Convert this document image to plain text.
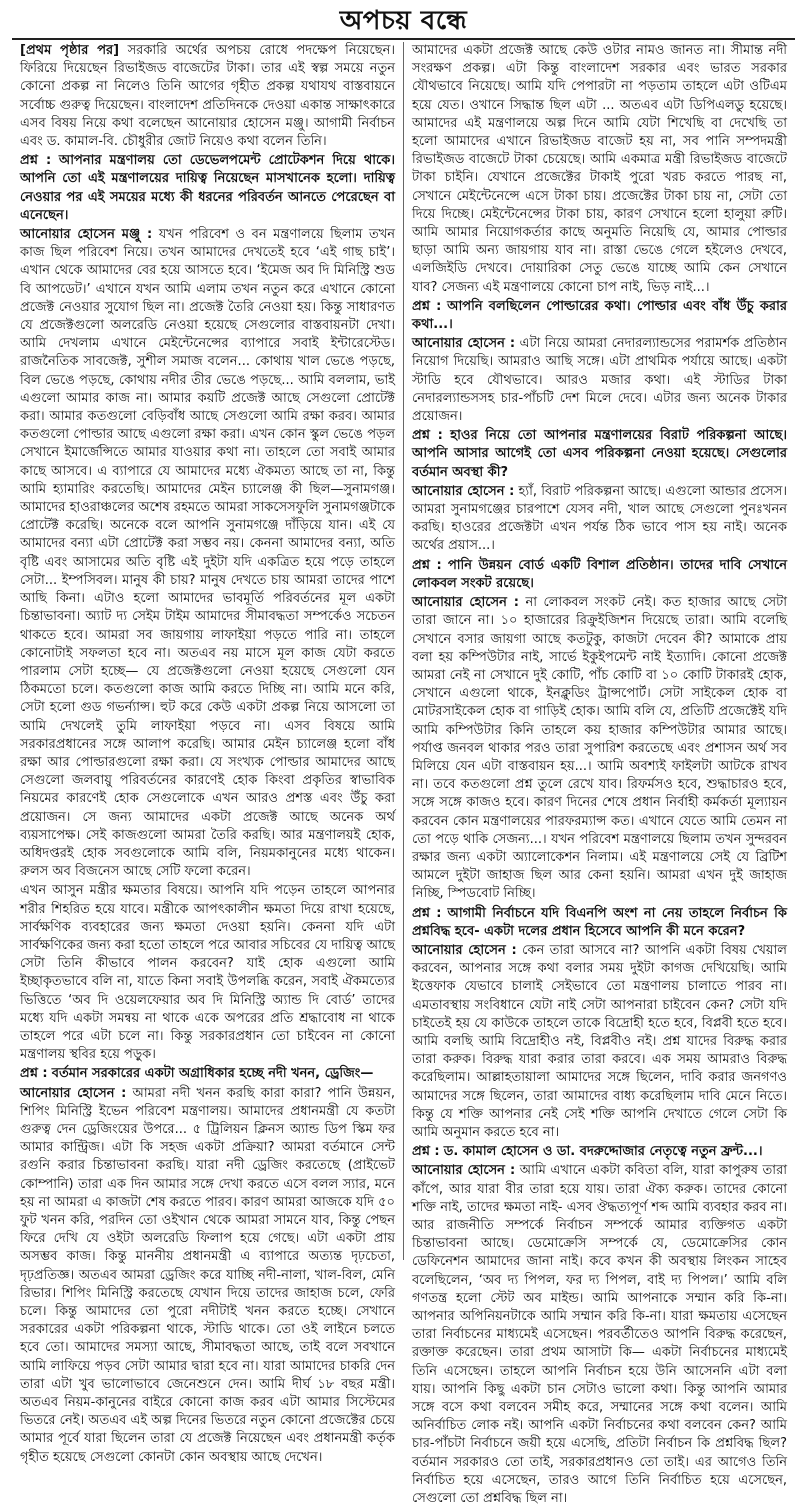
অপচয় বন্ধে

[প্রথম পৃষ্ঠার পর] সরকারি অর্থের অপচয় রোধে পদক্ষেপ নিয়েছেন। ফিরিয়ে দিয়েছেন রিভাইজড বাজেটের টাকা। তার এই স্বল্প সময়ে নতুন কোনো প্রকল্প না নিলেও তিনি আগের গৃহীত প্রকল্প যথাযথ বাস্তবায়নে সর্বোচ্চ গুরুত্ব দিয়েছেন। বাংলাদেশ প্রতিদিনকে দেওয়া একান্ত সাক্ষাৎকারে এসব বিষয় নিয়ে কথা বলেছেন আনোয়ার হোসেন মঞ্জু। আগামী নির্বাচন এবং ড. কামাল-বি. চৌধুরীর জোট নিয়েও কথা বলেন তিনি।

প্রশ্ন : আপনার মন্ত্রণালয় তো ডেভেলপমেন্ট প্রোটেকশন দিয়ে থাকে। আপনি তো এই মন্ত্রণালয়ের দায়িত্ব নিয়েছেন মাসখানেক হলো। দায়িত্ব নেওয়ার পর এই সময়ের মধ্যে কী ধরনের পরিবর্তন আনতে পেরেছেন বা এনেছেন।

আনোয়ার হোসেন মঞ্জু : যখন পরিবেশ ও বন মন্ত্রণালয়ে ছিলাম তখন কাজ ছিল পরিবেশ নিয়ে। তখন আমাদের দেখতেই হবে ‘এই গাছ চাই’। এখান থেকে আমাদের বের হয়ে আসতে হবে। ‘ইমেজ অব দি মিনিস্ট্রি শুড বি আপডেট।’ এখানে যখন আমি এলাম তখন নতুন করে এখানে কোনো প্রজেক্ট নেওয়ার সুযোগ ছিল না। প্রজেক্ট তৈরি নেওয়া হয়। কিন্তু সাধারণত যে প্রজেক্টগুলো অলরেডি নেওয়া হয়েছে সেগুলোর বাস্তবায়নটা দেখা। আমি দেখলাম এখানে মেইন্টেনেন্সের ব্যাপারে সবাই ইন্টারেস্টেড। রাজনৈতিক সাবজেক্ট, সুশীল সমাজ বলেন... কোথায় খাল ভেঙে পড়ছে, বিল ভেঙে পড়ছে, কোথায় নদীর তীর ভেঙে পড়ছে... আমি বললাম, ভাই এগুলো আমার কাজ না। আমার কয়টি প্রজেক্ট আছে সেগুলো প্রোটেক্ট করা। আমার কতগুলো বেড়িবাঁধ আছে সেগুলো আমি রক্ষা করব। আমার কতগুলো পোল্ডার আছে এগুলো রক্ষা করা। এখন কোন স্কুল ভেঙে পড়ল সেখানে ইমার্জেন্সিতে আমার যাওয়ার কথা না। তাহলে তো সবাই আমার কাছে আসবে। এ ব্যাপারে যে আমাদের মধ্যে ঐকমত্য আছে তা না, কিন্তু আমি হ্যামারিং করতেছি। আমাদের মেইন চ্যালেঞ্জ কী ছিল—সুনামগঞ্জ। আমাদের হাওরাঞ্চলের অশেষ রহমতে আমরা সাকসেসফুলি সুনামগঞ্জটাকে প্রোটেক্ট করেছি। অনেকে বলে আপনি সুনামগঞ্জে দাঁড়িয়ে যান। এই যে আমাদের বন্যা এটা প্রোটেক্ট করা সম্ভব নয়। কেননা আমাদের বন্যা, অতি বৃষ্টি এবং আসামের অতি বৃষ্টি এই দুইটা যদি একত্রিত হয়ে পড়ে তাহলে সেটা... ইম্পসিবল। মানুষ কী চায়? মানুষ দেখতে চায় আমরা তাদের পাশে আছি কিনা। এটাও হলো আমাদের ভাবমূর্তি পরিবর্তনের মূল একটা চিন্তাভাবনা। অ্যাট দ্য সেইম টাইম আমাদের সীমাবদ্ধতা সম্পর্কেও সচেতন থাকতে হবে। আমরা সব জায়গায় লাফাইয়া পড়তে পারি না। তাহলে কোনোটাই সফলতা হবে না। অতএব নয় মাসে মূল কাজ যেটা করতে পারলাম সেটা হচ্ছে— যে প্রজেক্টগুলো নেওয়া হয়েছে সেগুলো যেন ঠিকমতো চলে। কতগুলো কাজ আমি করতে দিচ্ছি না। আমি মনে করি, সেটা হলো গুড গভর্ন্যান্স। হুট করে কেউ একটা প্রকল্প নিয়ে আসলো তা আমি দেখলেই তুমি লাফাইয়া পড়বে না। এসব বিষয়ে আমি সরকারপ্রধানের সঙ্গে আলাপ করেছি। আমার মেইন চ্যালেঞ্জ হলো বাঁধ রক্ষা আর পোল্ডারগুলো রক্ষা করা। যে সংখ্যক পোল্ডার আমাদের আছে সেগুলো জলবায়ু পরিবর্তনের কারণেই হোক কিংবা প্রকৃতির স্বাভাবিক নিয়মের কারণেই হোক সেগুলোকে এখন আরও প্রশস্ত এবং উঁচু করা প্রয়োজন। সে জন্য আমাদের একটা প্রজেক্ট আছে অনেক অর্থ ব্যয়সাপেক্ষ। সেই কাজগুলো আমরা তৈরি করছি। আর মন্ত্রণালয়ই হোক, অধিদপ্তরই হোক সবগুলোকে আমি বলি, নিয়মকানুনের মধ্যে থাকেন। রুলস অব বিজনেস আছে সেটি ফলো করেন।

এখন আসুন মন্ত্রীর ক্ষমতার বিষয়ে। আপনি যদি পড়েন তাহলে আপনার শরীর শিহরিত হয়ে যাবে। মন্ত্রীকে আপৎকালীন ক্ষমতা দিয়ে রাখা হয়েছে, সার্বক্ষণিক ব্যবহারের জন্য ক্ষমতা দেওয়া হয়নি। কেননা যদি এটা সার্বক্ষণিকের জন্য করা হতো তাহলে পরে আবার সচিবের যে দায়িত্ব আছে সেটা তিনি কীভাবে পালন করবেন? যাই হোক এগুলো আমি ইচ্ছাকৃতভাবে বলি না, যাতে কিনা সবাই উপলব্ধি করেন, সবাই ঐকমত্যের ভিত্তিতে ‘অব দি ওয়েলফেয়ার অব দি মিনিস্ট্রি অ্যান্ড দি বোর্ড’ তাদের মধ্যে যদি একটা সমন্বয় না থাকে একে অপরের প্রতি শ্রদ্ধাবোধ না থাকে তাহলে পরে এটা চলে না। কিন্তু সরকারপ্রধান তো চাইবেন না কোনো মন্ত্রণালয় স্থবির হয়ে পড়ুক।

প্রশ্ন : বর্তমান সরকারের একটা অগ্রাধিকার হচ্ছে নদী খনন, ড্রেজিং—

আনোয়ার হোসেন : আমরা নদী খনন করছি কারা কারা? পানি উন্নয়ন, শিপিং মিনিস্ট্রি ইভেন পরিবেশ মন্ত্রণালয়। আমাদের প্রধানমন্ত্রী যে কতটা গুরুত্ব দেন ড্রেজিংয়ের উপরে... ৫ ট্রিলিয়ন ক্লিনস অ্যান্ড ডিপ স্কিম ফর আমার কান্ট্রিজ। এটা কি সহজ একটা প্রক্রিয়া? আমরা বর্তমানে সেন্ট রগুনি করার চিন্তাভাবনা করছি। যারা নদী ড্রেজিং করতেছে (প্রাইভেট কোম্পানি) তারা এক দিন আমার সঙ্গে দেখা করতে এসে বলল স্যার, মনে হয় না আমরা এ কাজটা শেষ করতে পারব। কারণ আমরা আজকে যদি ৫০ ফুট খনন করি, পরদিন তো ওইখান থেকে আমরা সামনে যাব, কিন্তু পেছন ফিরে দেখি যে ওইটা অলরেডি ফিলাপ হয়ে গেছে। এটা একটা প্রায় অসম্ভব কাজ। কিন্তু মাননীয় প্রধানমন্ত্রী এ ব্যাপারে অত্যন্ত দৃঢ়চেতা, দৃঢ়প্রতিজ্ঞ। অতএব আমরা ড্রেজিং করে যাচ্ছি নদী-নালা, খাল-বিল, মেনি রিভার। শিপিং মিনিস্ট্রি করতেছে যেখান দিয়ে তাদের জাহাজ চলে, ফেরি চলে। কিন্তু আমাদের তো পুরো নদীটাই খনন করতে হচ্ছে। সেখানে সরকারের একটা পরিকল্পনা থাকে, স্টাডি থাকে। তো ওই লাইনে চলতে হবে তো। আমাদের সমস্যা আছে, সীমাবদ্ধতা আছে, তাই বলে সবখানে আমি লাফিয়ে পড়ব সেটা আমার দ্বারা হবে না। যারা আমাদের চাকরি দেন তারা এটা খুব ভালোভাবে জেনেশুনে দেন। আমি দীর্ঘ ১৮ বছর মন্ত্রী। অতএব নিয়ম-কানুনের বাইরে কোনো কাজ করব এটা আমার সিস্টেমের ভিতরে নেই। অতএব এই অল্প দিনের ভিতরে নতুন কোনো প্রজেক্টের চেয়ে আমার পূর্বে যারা ছিলেন তারা যে প্রজেক্ট নিয়েছেন এবং প্রধানমন্ত্রী কর্তৃক গৃহীত হয়েছে সেগুলো কোনটা কোন অবস্থায় আছে দেখেন।

আমাদের একটা প্রজেক্ট আছে কেউ ওটার নামও জানত না। সীমান্ত নদী সংরক্ষণ প্রকল্প। এটা কিন্তু বাংলাদেশ সরকার এবং ভারত সরকার যৌথভাবে নিয়েছে। আমি যদি পেপারটা না পড়তাম তাহলে এটা ওটিএম হয়ে যেত। ওখানে সিদ্ধান্ত ছিল এটা ... অতএব এটা ডিপিএলডু হয়েছে। আমাদের এই মন্ত্রণালয়ে অল্প দিনে আমি যেটা শিখেছি বা দেখেছি তা হলো আমাদের এখানে রিভাইজড বাজেট হয় না, সব পানি সম্পদমন্ত্রী রিভাইজড বাজেটে টাকা চেয়েছে। আমি একমাত্র মন্ত্রী রিভাইজড বাজেটে টাকা চাইনি। যেখানে প্রজেক্টের টাকাই পুরো খরচ করতে পারছ না, সেখানে মেইন্টেনেন্সে এসে টাকা চায়। প্রজেক্টের টাকা চায় না, সেটা তো দিয়ে দিচ্ছে। মেইন্টেনেন্সের টাকা চায়, কারণ সেখানে হলো হালুয়া রুটি। আমি আমার নিয়োগকর্তার কাছে অনুমতি নিয়েছি যে, আমার পোল্ডার ছাড়া আমি অন্য জায়গায় যাব না। রাস্তা ভেঙে গেলে হইলেও দেখবে, এলজিইডি দেখবে। দোয়ারিকা সেতু ভেঙে যাচ্ছে আমি কেন সেখানে যাব? সেজন্য এই মন্ত্রণালয়ে কোনো চাপ নাই, ভিড় নাই...।

প্রশ্ন : আপনি বলছিলেন পোল্ডারের কথা। পোল্ডার এবং বাঁধ উঁচু করার কথা...।

আনোয়ার হোসেন : এটা নিয়ে আমরা নেদারল্যান্ডসের পরামর্শক প্রতিষ্ঠান নিয়োগ দিয়েছি। আমরাও আছি সঙ্গে। এটা প্রাথমিক পর্যায়ে আছে। একটা স্টাডি হবে যৌথভাবে। আরও মজার কথা। এই স্টাডির টাকা নেদারল্যান্ডসসহ চার-পাঁচটি দেশ মিলে দেবে। এটার জন্য অনেক টাকার প্রয়োজন।

প্রশ্ন : হাওর নিয়ে তো আপনার মন্ত্রণালয়ের বিরাট পরিকল্পনা আছে। আপনি আসার আগেই তো এসব পরিকল্পনা নেওয়া হয়েছে। সেগুলোর বর্তমান অবস্থা কী?

আনোয়ার হোসেন : হ্যাঁ, বিরাট পরিকল্পনা আছে। এগুলো আন্ডার প্রসেস। আমরা সুনামগঞ্জের চারপাশে যেসব নদী, খাল আছে সেগুলো পুনঃখনন করছি। হাওরের প্রজেক্টটা এখন পর্যন্ত ঠিক ভাবে পাস হয় নাই। অনেক অর্থের প্রয়াস...।

প্রশ্ন : পানি উন্নয়ন বোর্ড একটি বিশাল প্রতিষ্ঠান। তাদের দাবি সেখানে লোকবল সংকট রয়েছে।

আনোয়ার হোসেন : না লোকবল সংকট নেই। কত হাজার আছে সেটা তারা জানে না। ১০ হাজারের রিক্রুইজিশন দিয়েছে তারা। আমি বলেছি সেখানে বসার জায়গা আছে কতটুকু, কাজটা দেবেন কী? আমাকে প্রায় বলা হয় কম্পিউটার নাই, সার্ভে ইকুইপমেন্ট নাই ইত্যাদি। কোনো প্রজেক্ট আমরা নেই না সেখানে দুই কোটি, পাঁচ কোটি বা ১০ কোটি টাকারই হোক, সেখানে এগুলো থাকে, ইনক্লুডিং ট্রান্সপোর্ট। সেটা সাইকেল হোক বা মোটরসাইকেল হোক বা গাড়িই হোক। আমি বলি যে, প্রতিটি প্রজেক্টেই যদি আমি কম্পিউটার কিনি তাহলে কয় হাজার কম্পিউটার আমার আছে। পর্যাপ্ত জনবল থাকার পরও তারা সুপারিশ করতেছে এবং প্রশাসন অর্থ সব মিলিয়ে যেন এটা বাস্তবায়ন হয়...। আমি অবশ্যই ফাইলটা আটকে রাখব না। তবে কতগুলো প্রশ্ন তুলে রেখে যাব। রিফর্মসও হবে, শুদ্ধাচারও হবে, সঙ্গে সঙ্গে কাজও হবে। কারণ দিনের শেষে প্রধান নির্বাহী কর্মকর্তা মূল্যায়ন করবেন কোন মন্ত্রণালয়ের পারফরম্যান্স কত। এখানে যেতে আমি তেমন না তো পড়ে থাকি সেজন্য...। যখন পরিবেশ মন্ত্রণালয়ে ছিলাম তখন সুন্দরবন রক্ষার জন্য একটা অ্যালোকেশন নিলাম। এই মন্ত্রণালয়ে সেই যে ব্রিটিশ আমলে দুইটা জাহাজ ছিল আর কেনা হয়নি। আমরা এখন দুই জাহাজ নিচ্ছি, স্পিডবোট নিচ্ছি।

প্রশ্ন : আগামী নির্বাচনে যদি বিএনপি অংশ না নেয় তাহলে নির্বাচন কি প্রশ্নবিদ্ধ হবে- একটা দলের প্রধান হিসেবে আপনি কী মনে করেন?

আনোয়ার হোসেন : কেন তারা আসবে না? আপনি একটা বিষয় খেয়াল করবেন, আপনার সঙ্গে কথা বলার সময় দুইটা কাগজ দেখিয়েছি। আমি ইত্তেফাক যেভাবে চালাই সেইভাবে তো মন্ত্রণালয় চালাতে পারব না। এমতাবস্থায় সংবিধানে যেটা নাই সেটা আপনারা চাইবেন কেন? সেটা যদি চাইতেই হয় যে কাউকে তাহলে তাকে বিদ্রোহী হতে হবে, বিপ্লবী হতে হবে। আমি বলছি আমি বিদ্রোহীও নই, বিপ্লবীও নই। প্রশ্ন যাদের বিরুদ্ধ করার তারা করুক। বিরুদ্ধ যারা করার তারা করবে। এক সময় আমরাও বিরুদ্ধ করেছিলাম। আল্লাহতায়ালা আমাদের সঙ্গে ছিলেন, দাবি করার জনগণও আমাদের সঙ্গে ছিলেন, তারা আমাদের বাধ্য করেছিলাম দাবি মেনে নিতে। কিন্তু যে শক্তি আপনার নেই সেই শক্তি আপনি দেখাতে গেলে সেটা কি আমি অনুমান করতে হবে না।

প্রশ্ন : ড. কামাল হোসেন ও ডা. বদরুদ্দোজার নেতৃত্বে নতুন ফ্রন্ট...।

আনোয়ার হোসেন : আমি এখানে একটা কবিতা বলি, যারা কাপুরুষ তারা কাঁপে, আর যারা বীর তারা হয়ে যায়। তারা ঐক্য করুক। তাদের কোনো শক্তি নাই, তাদের ক্ষমতা নাই- এসব ঔদ্ধত্যপূর্ণ শব্দ আমি ব্যবহার করব না। আর রাজনীতি সম্পর্কে নির্বাচন সম্পর্কে আমার ব্যক্তিগত একটা চিন্তাভাবনা আছে। ডেমোক্রেসি সম্পর্কে যে, ডেমোক্রেসির কোন ডেফিনেশন আমাদের জানা নাই। কবে কখন কী অবস্থায় লিংকন সাহেব বলেছিলেন, ‘অব দ্য পিপল, ফর দ্য পিপল, বাই দ্য পিপল।’ আমি বলি গণতন্ত্র হলো স্টেট অব মাইন্ড। আমি আপনাকে সম্মান করি কি-না। আপনার অপিনিয়নটাকে আমি সম্মান করি কি-না। যারা ক্ষমতায় এসেছেন তারা নির্বাচনের মাধ্যমেই এসেছেন। পরবর্তীতেও আপনি বিরুদ্ধ করেছেন, রক্তাক্ত করেছেন। তারা প্রথম আসাটা কি— একটা নির্বাচনের মাধ্যমেই তিনি এসেছেন। তাহলে আপনি নির্বাচন হয়ে উনি আসেননি এটা বলা যায়। আপনি কিছু একটা চান সেটাও ভালো কথা। কিন্তু আপনি আমার সঙ্গে বসে কথা বলবেন সমীহ করে, সম্মানের সঙ্গে কথা বলেন। আমি অনির্বাচিত লোক নই। আপনি একটা নির্বাচনের কথা বলবেন কেন? আমি চার-পাঁচটা নির্বাচনে জয়ী হয়ে এসেছি, প্রতিটা নির্বাচন কি প্রশ্নবিদ্ধ ছিল? বর্তমান সরকারও তো তাই, সরকারপ্রধানও তো তাই। এর আগেও তিনি নির্বাচিত হয়ে এসেছেন, তারও আগে তিনি নির্বাচিত হয়ে এসেছেন, সেগুলো তো প্রশ্নবিদ্ধ ছিল না।
